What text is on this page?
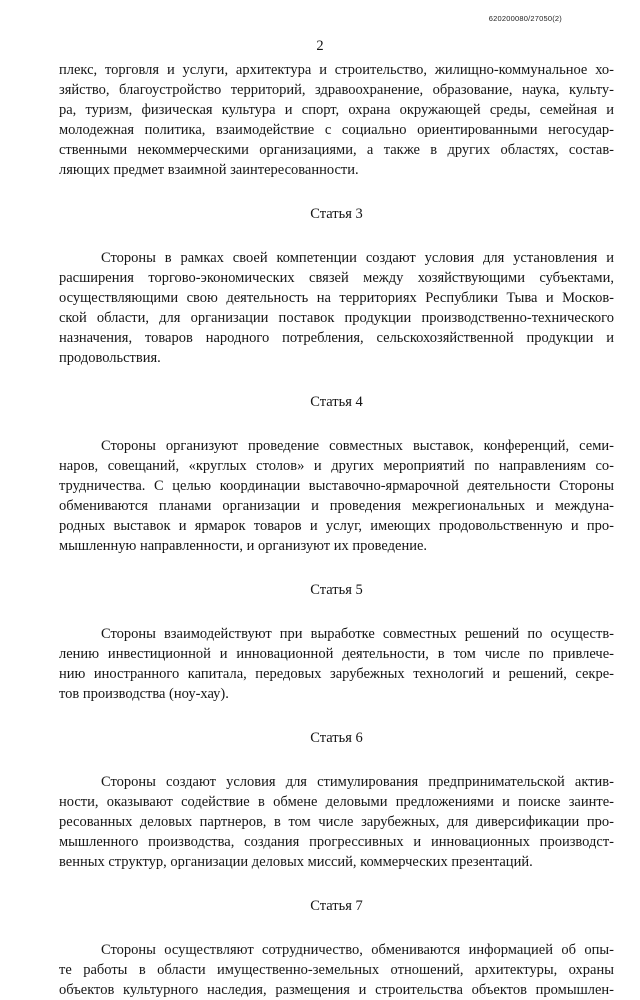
620200080/27050(2)
2
плекс, торговля и услуги, архитектура и строительство, жилищно-коммунальное хо-
зяйство, благоустройство территорий, здравоохранение, образование, наука, культу-
ра, туризм, физическая культура и спорт, охрана окружающей среды, семейная и
молодежная политика, взаимодействие с социально ориентированными негосудар-
ственными некоммерческими организациями, а также в других областях, состав-
ляющих предмет взаимной заинтересованности.
Статья 3
Стороны в рамках своей компетенции создают условия для установления и
расширения торгово-экономических связей между хозяйствующими субъектами,
осуществляющими свою деятельность на территориях Республики Тыва и Москов-
ской области, для организации поставок продукции производственно-технического
назначения, товаров народного потребления, сельскохозяйственной продукции и
продовольствия.
Статья 4
Стороны организуют проведение совместных выставок, конференций, семи-
наров, совещаний, «круглых столов» и других мероприятий по направлениям со-
трудничества. С целью координации выставочно-ярмарочной деятельности Стороны
обмениваются планами организации и проведения межрегиональных и междуна-
родных выставок и ярмарок товаров и услуг, имеющих продовольственную и про-
мышленную направленности, и организуют их проведение.
Статья 5
Стороны взаимодействуют при выработке совместных решений по осуществ-
лению инвестиционной и инновационной деятельности, в том числе по привлече-
нию иностранного капитала, передовых зарубежных технологий и решений, секре-
тов производства (ноу-хау).
Статья 6
Стороны создают условия для стимулирования предпринимательской актив-
ности, оказывают содействие в обмене деловыми предложениями и поиске заинте-
ресованных деловых партнеров, в том числе зарубежных, для диверсификации про-
мышленного производства, создания прогрессивных и инновационных производст-
венных структур, организации деловых миссий, коммерческих презентаций.
Статья 7
Стороны осуществляют сотрудничество, обмениваются информацией об опы-
те работы в области имущественно-земельных отношений, архитектуры, охраны
объектов культурного наследия, размещения и строительства объектов промышлен-
